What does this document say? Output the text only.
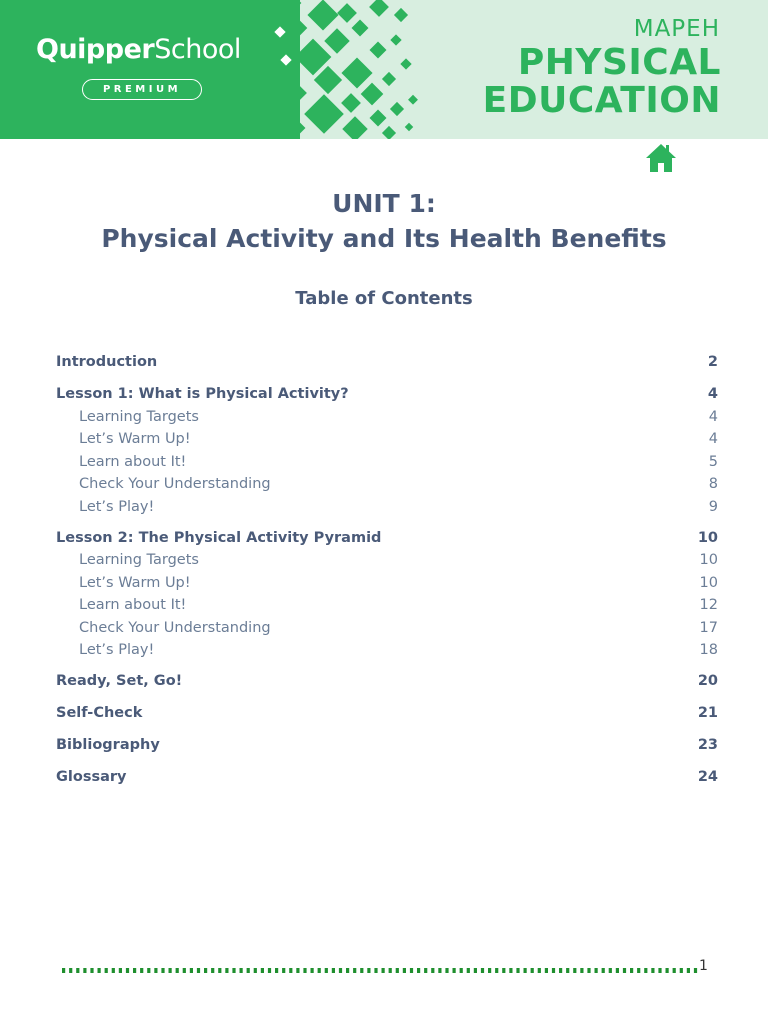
QuipperSchool
PREMIUM
MAPEH
PHYSICAL
EDUCATION
UNIT 1:
Physical Activity and Its Health Benefits
Table of Contents
Introduction	2
Lesson 1: What is Physical Activity?	4
Learning Targets	4
Let’s Warm Up!	4
Learn about It!	5
Check Your Understanding	8
Let’s Play!	9
Lesson 2: The Physical Activity Pyramid	10
Learning Targets	10
Let’s Warm Up!	10
Learn about It!	12
Check Your Understanding	17
Let’s Play!	18
Ready, Set, Go!	20
Self-Check	21
Bibliography	23
Glossary	24
1
